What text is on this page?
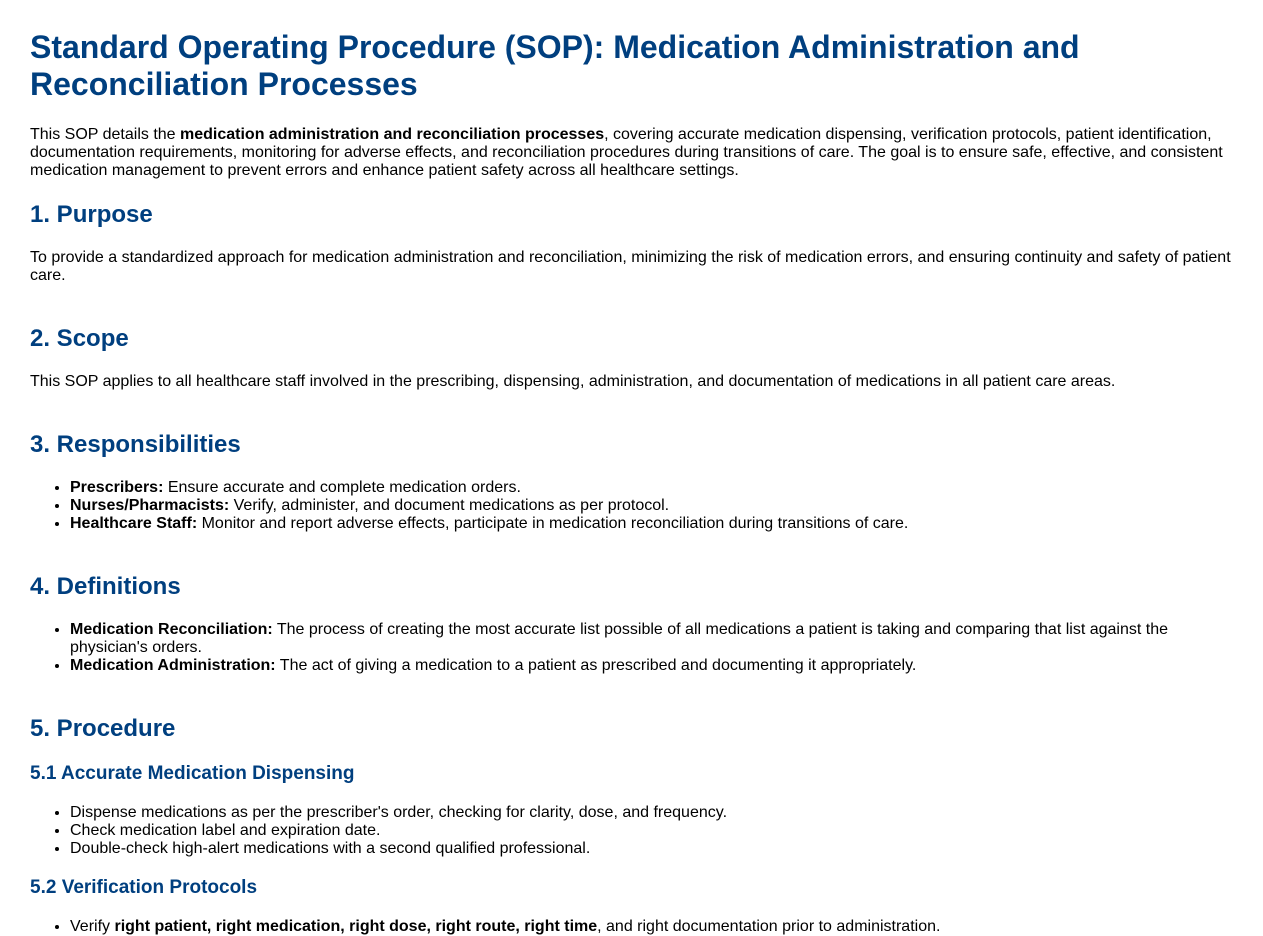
Standard Operating Procedure (SOP): Medication Administration and Reconciliation Processes

This SOP details the medication administration and reconciliation processes, covering accurate medication dispensing, verification protocols, patient identification, documentation requirements, monitoring for adverse effects, and reconciliation procedures during transitions of care. The goal is to ensure safe, effective, and consistent medication management to prevent errors and enhance patient safety across all healthcare settings.

1. Purpose

To provide a standardized approach for medication administration and reconciliation, minimizing the risk of medication errors, and ensuring continuity and safety of patient care.

2. Scope

This SOP applies to all healthcare staff involved in the prescribing, dispensing, administration, and documentation of medications in all patient care areas.

3. Responsibilities
• Prescribers: Ensure accurate and complete medication orders.
• Nurses/Pharmacists: Verify, administer, and document medications as per protocol.
• Healthcare Staff: Monitor and report adverse effects, participate in medication reconciliation during transitions of care.
4. Definitions
• Medication Reconciliation: The process of creating the most accurate list possible of all medications a patient is taking and comparing that list against the physician's orders.
• Medication Administration: The act of giving a medication to a patient as prescribed and documenting it appropriately.
5. Procedure
5.1 Accurate Medication Dispensing
• Dispense medications as per the prescriber's order, checking for clarity, dose, and frequency.
• Check medication label and expiration date.
• Double-check high-alert medications with a second qualified professional.
5.2 Verification Protocols
• Verify right patient, right medication, right dose, right route, right time, and right documentation prior to administration.
